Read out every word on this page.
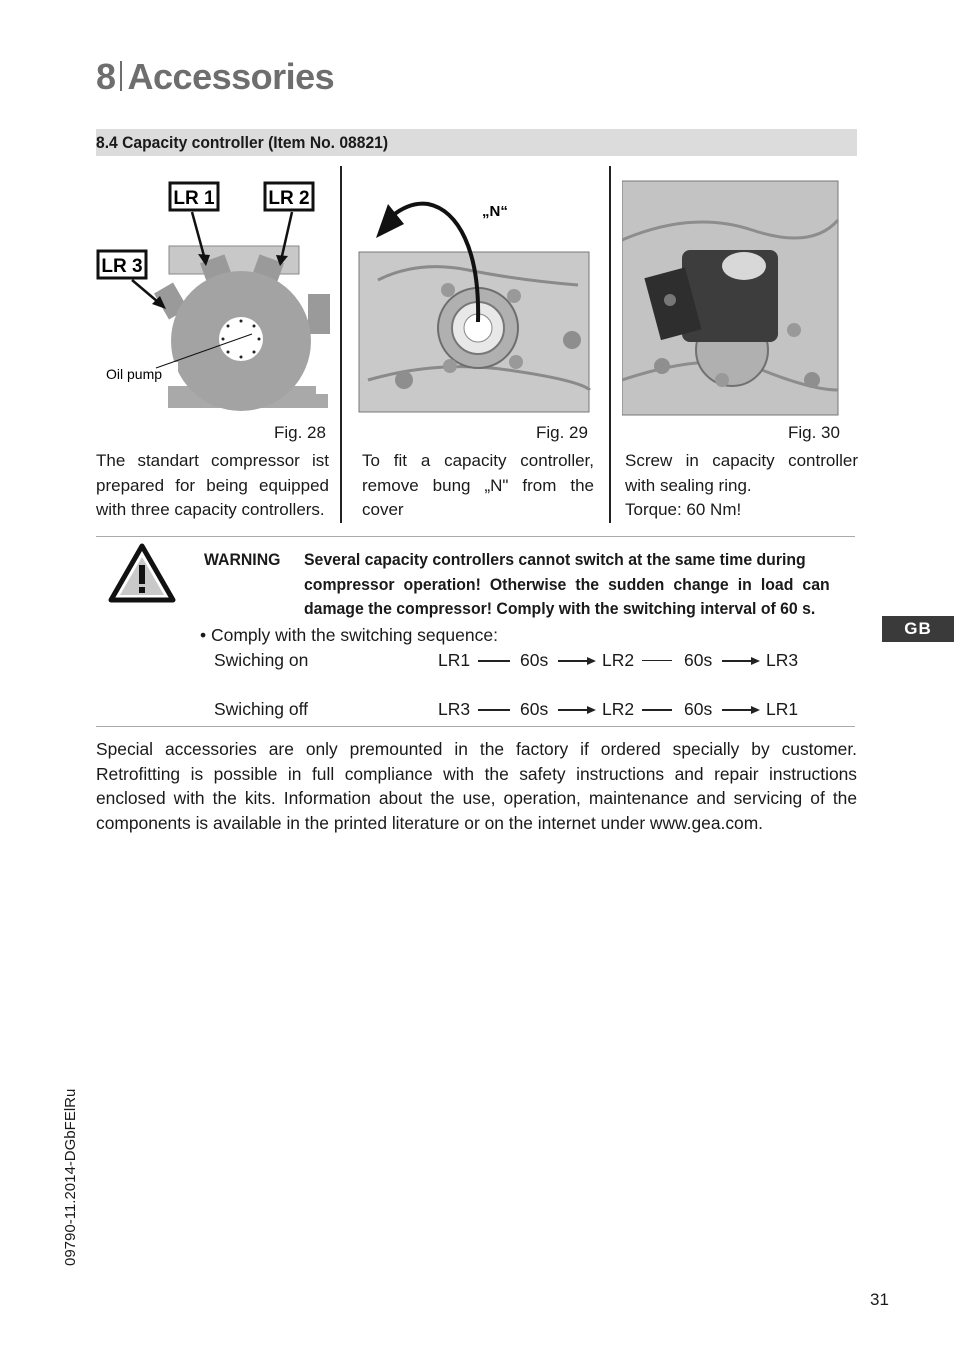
8 Accessories
8.4 Capacity controller (Item No. 08821)
LR 1	LR 2
LR 3
Oil pump
„N“
Fig. 28	Fig. 29	Fig. 30
The standart compressor ist prepared for being equipped with three capacity controllers.
To fit a capacity controller, remove bung „N" from the cover
Screw in capacity controller with sealing ring.
Torque: 60 Nm!
WARNING Several capacity controllers cannot switch at the same time during
compressor operation! Otherwise the sudden change in load can
damage the compressor! Comply with the switching interval of 60 s.
• Comply with the switching sequence:
Swiching on	LR1	60s	LR2	60s	LR3
Swiching off	LR3	60s	LR2	60s	LR1
GB
Special accessories are only premounted in the factory if ordered specially by customer. Retrofitting is possible in full compliance with the safety instructions and repair instructions enclosed with the kits. Information about the use, operation, maintenance and servicing of the components is available in the printed literature or on the internet under www.gea.com.
09790-11.2014-DGbFElRu
31
